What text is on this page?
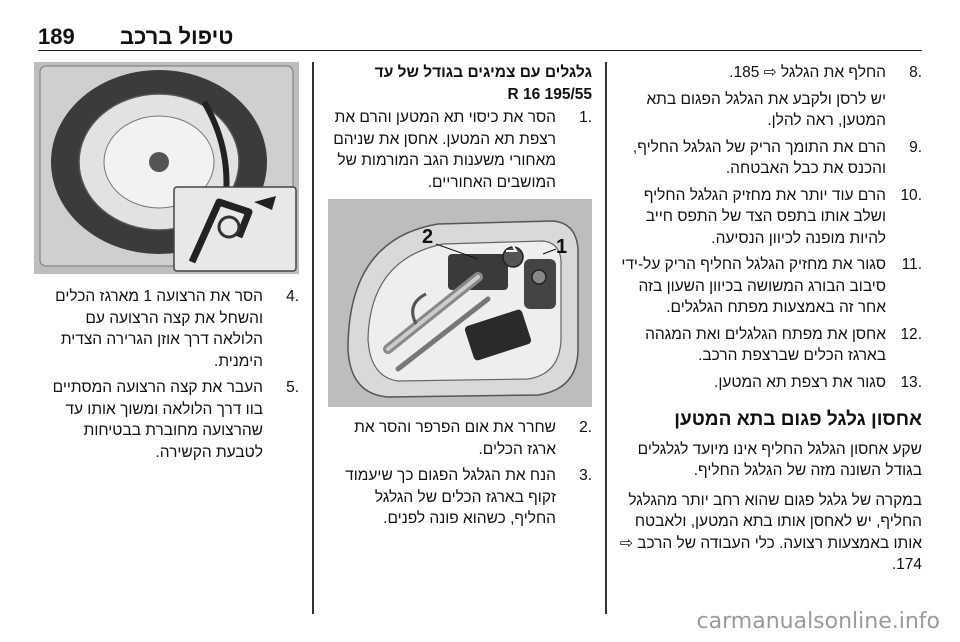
189 טיפול ברכב
.8
החלף את הגלגל ⇨ 185.
יש לרסן ולקבע את הגלגל הפגום בתא המטען, ראה להלן.
.9
הרם את התומך הריק של הגלגל החליף, והכנס את כבל האבטחה.
.10
הרם עוד יותר את מחזיק הגלגל החליף ושלב אותו בתפס הצד של התפס חייב להיות מופנה לכיוון הנסיעה.
.11
סגור את מחזיק הגלגל החליף הריק על-ידי סיבוב הבורג המשושה בכיוון השעון בזה אחר זה באמצעות מפתח הגלגלים.
.12
אחסן את מפתח הגלגלים ואת המגהה בארגז הכלים שברצפת הרכב.
.13
סגור את רצפת תא המטען.
אחסון גלגל פגום בתא המטען

שקע אחסון הגלגל החליף אינו מיועד לגלגלים בגודל השונה מזה של הגלגל החליף.

במקרה של גלגל פגום שהוא רחב יותר מהגלגל החליף, יש לאחסן אותו בתא המטען, ולאבטח אותו באמצעות רצועה. כלי העבודה של הרכב ⇨ 174.

גלגלים עם צמיגים בגודל של עד 195/55 R 16
.1
הסר את כיסוי תא המטען והרם את רצפת תא המטען. אחסן את שניהם מאחורי משענות הגב המורמות של המושבים האחוריים.
1
2
.2
שחרר את אום הפרפר והסר את ארגז הכלים.
.3
הנח את הגלגל הפגום כך שיעמוד זקוף בארגז הכלים של הגלגל החליף, כשהוא פונה לפנים.
.4
הסר את הרצועה 1 מארגז הכלים והשחל את קצה הרצועה עם הלולאה דרך אוזן הגרירה הצדית הימנית.
.5
העבר את קצה הרצועה המסתיים בוו דרך הלולאה ומשוך אותו עד שהרצועה מחוברת בבטיחות לטבעת הקשירה.
carmanualsonline.info
